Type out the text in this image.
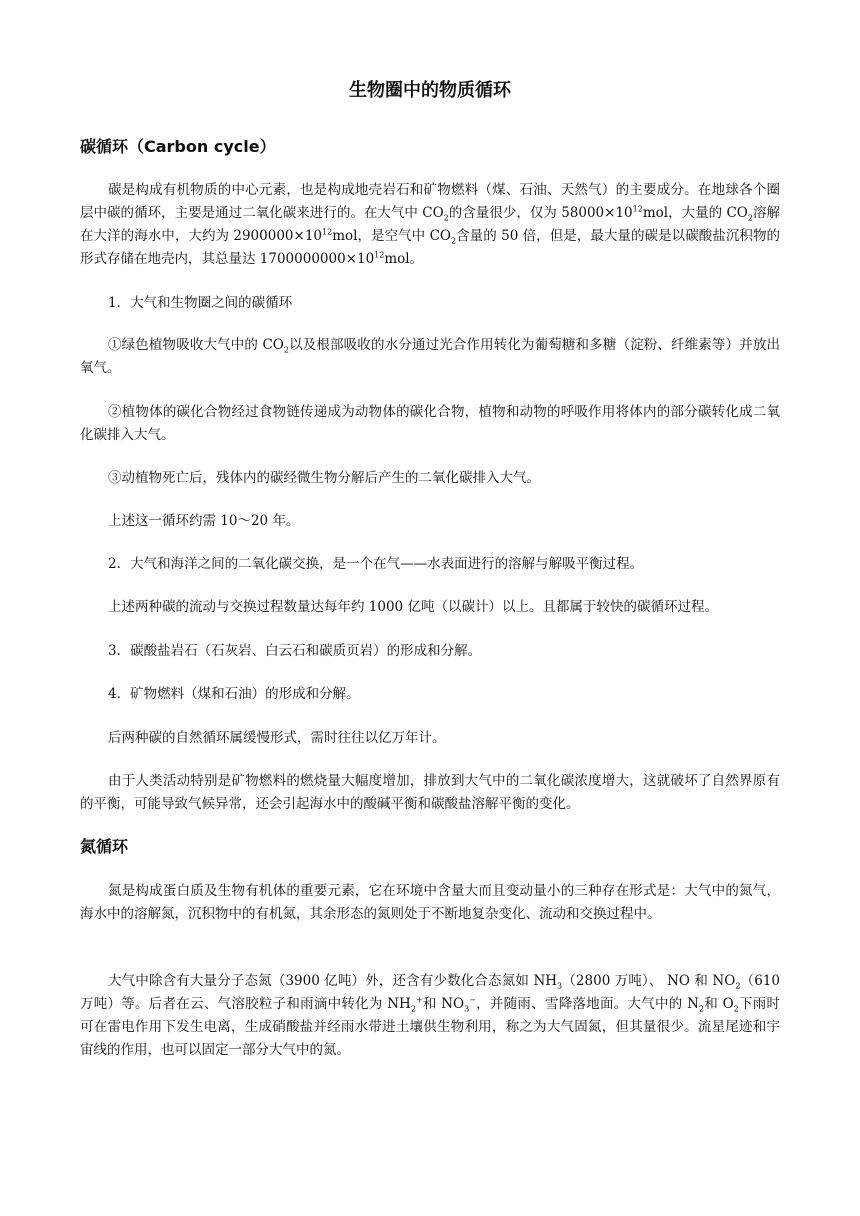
生物圈中的物质循环
碳循环（Carbon cycle）

碳是构成有机物质的中心元素，也是构成地壳岩石和矿物燃料（煤、石油、天然气）的主要成分。在地球各个圈层中碳的循环，主要是通过二氧化碳来进行的。在大气中 $CO_2$的含量很少，仅为 $58000\times 10^{12}mol$，大量的 $CO_2$溶解在大洋的海水中，大约为 $2900000\times 10^{12}mol$，是空气中 $CO_2$含量的 50 倍，但是，最大量的碳是以碳酸盐沉积物的形式存储在地壳内，其总量达 $1700000000\times 10^{12}mol$。

1．大气和生物圈之间的碳循环

①绿色植物吸收大气中的 $CO_2$以及根部吸收的水分通过光合作用转化为葡萄糖和多糖（淀粉、纤维素等）并放出氧气。

②植物体的碳化合物经过食物链传递成为动物体的碳化合物，植物和动物的呼吸作用将体内的部分碳转化成二氧化碳排入大气。

③动植物死亡后，残体内的碳经微生物分解后产生的二氧化碳排入大气。

上述这一循环约需 10～20 年。

2．大气和海洋之间的二氧化碳交换，是一个在气——水表面进行的溶解与解吸平衡过程。

上述两种碳的流动与交换过程数量达每年约 1000 亿吨（以碳计）以上。且都属于较快的碳循环过程。

3．碳酸盐岩石（石灰岩、白云石和碳质页岩）的形成和分解。

4．矿物燃料（煤和石油）的形成和分解。

后两种碳的自然循环属缓慢形式，需时往往以亿万年计。

由于人类活动特别是矿物燃料的燃烧量大幅度增加，排放到大气中的二氧化碳浓度增大，这就破坏了自然界原有的平衡，可能导致气候异常，还会引起海水中的酸碱平衡和碳酸盐溶解平衡的变化。

氮循环

氮是构成蛋白质及生物有机体的重要元素，它在环境中含量大而且变动量小的三种存在形式是：大气中的氮气，海水中的溶解氮，沉积物中的有机氮，其余形态的氮则处于不断地复杂变化、流动和交换过程中。

大气中除含有大量分子态氮（3900 亿吨）外，还含有少数化合态氮如 $NH_3(2800$ 万吨）、 NO 和 $NO_2(610$ 万吨）等。后者在云、气溶胶粒子和雨滴中转化为 $NH_2^+$和 $NO_3^-$，并随雨、雪降落地面。大气中的 $N_2$和 $O_2$下雨时可在雷电作用下发生电离，生成硝酸盐并经雨水带进土壤供生物利用，称之为大气固氮，但其量很少。流星尾迹和宇宙线的作用，也可以固定一部分大气中的氮。
